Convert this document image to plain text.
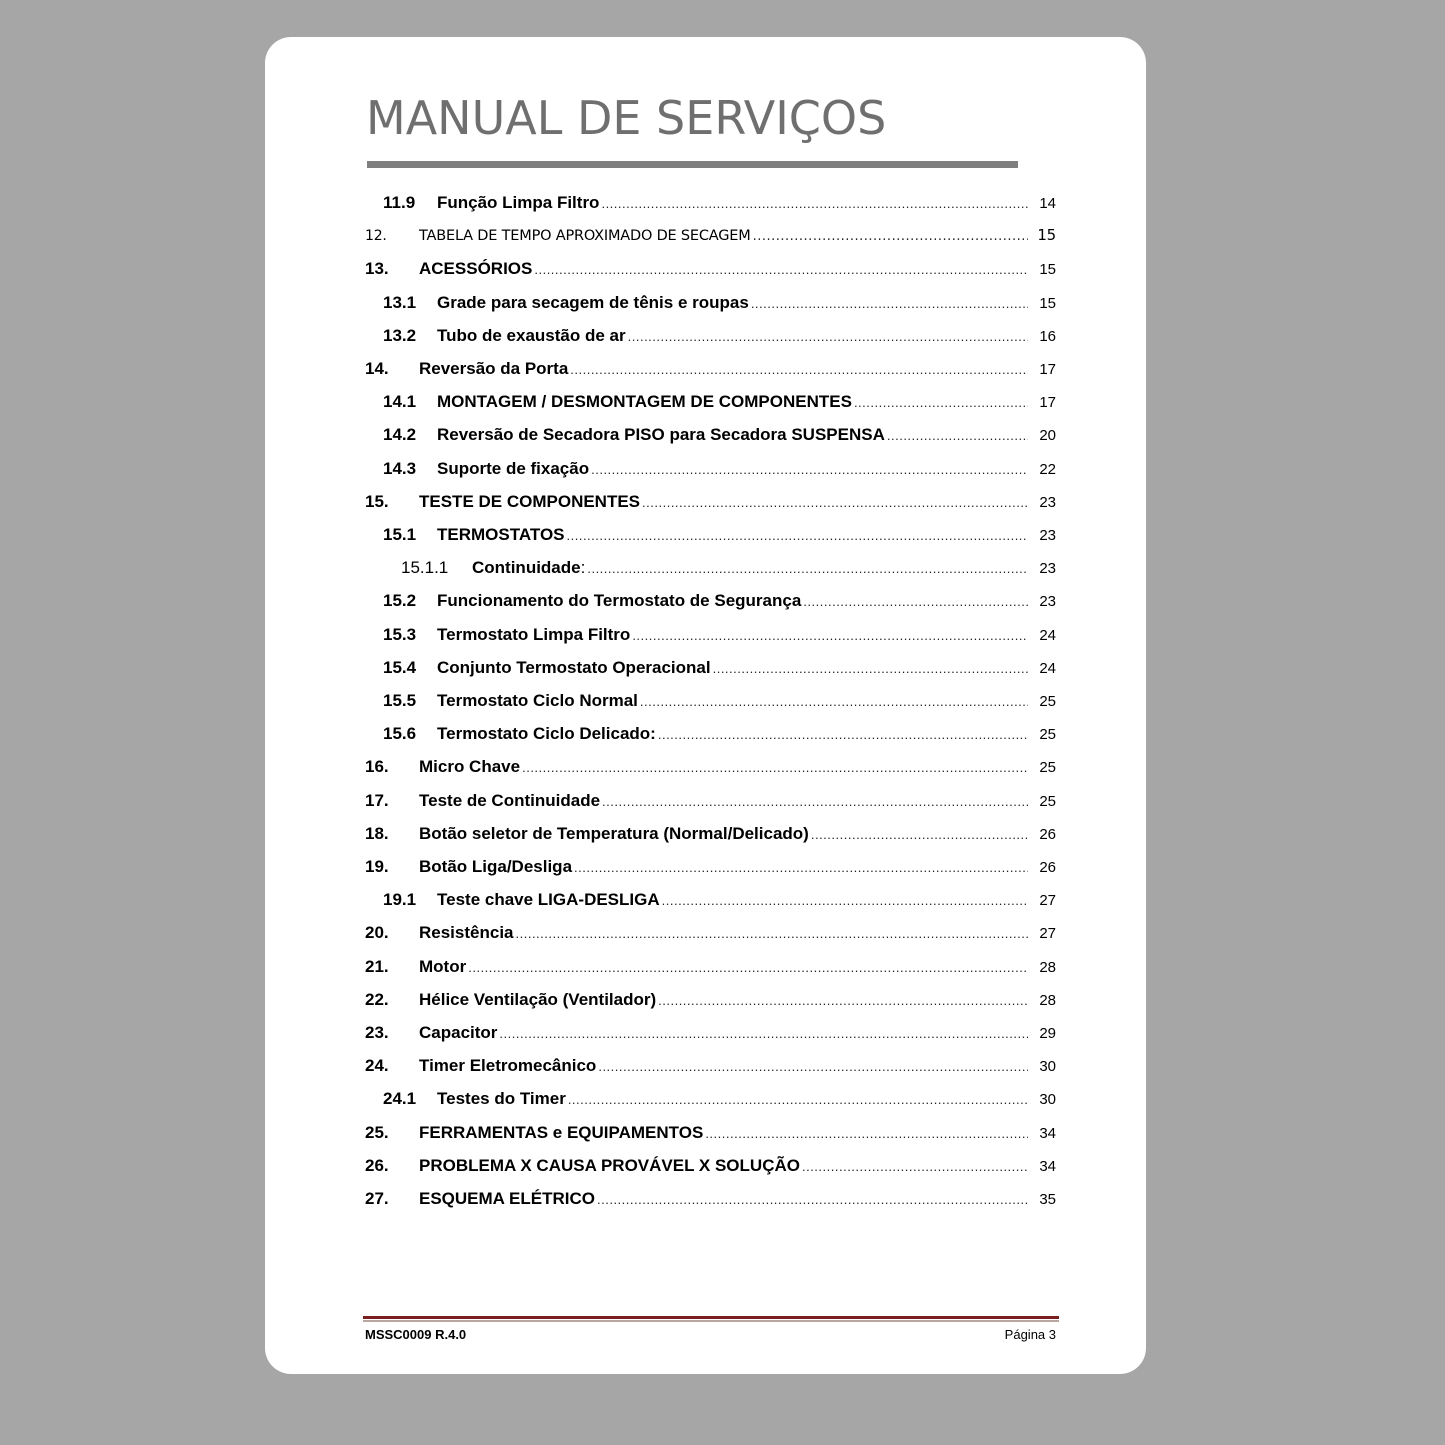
MANUAL DE SERVIÇOS
11.9	Função Limpa Filtro .....	14
12.	TABELA DE TEMPO APROXIMADO DE SECAGEM .....	15
13.	ACESSÓRIOS .....	15
13.1	Grade para secagem de tênis e roupas .....	15
13.2	Tubo de exaustão de ar .....	16
14.	Reversão da Porta .....	17
14.1	MONTAGEM / DESMONTAGEM DE COMPONENTES .....	17
14.2	Reversão de Secadora PISO para Secadora SUSPENSA .....	20
14.3	Suporte de fixação .....	22
15.	TESTE DE COMPONENTES .....	23
15.1	TERMOSTATOS .....	23
15.1.1	Continuidade : .....	23
15.2	Funcionamento do Termostato de Segurança .....	23
15.3	Termostato Limpa Filtro .....	24
15.4	Conjunto Termostato Operacional .....	24
15.5	Termostato Ciclo Normal .....	25
15.6	Termostato Ciclo Delicado: .....	25
16.	Micro Chave .....	25
17.	Teste de Continuidade .....	25
18.	Botão seletor de Temperatura (Normal/Delicado) .....	26
19.	Botão Liga/Desliga .....	26
19.1	Teste chave LIGA-DESLIGA .....	27
20.	Resistência .....	27
21.	Motor .....	28
22.	Hélice Ventilação (Ventilador) .....	28
23.	Capacitor .....	29
24.	Timer Eletromecânico .....	30
24.1	Testes do Timer .....	30
25.	FERRAMENTAS e EQUIPAMENTOS .....	34
26.	PROBLEMA X CAUSA PROVÁVEL X SOLUÇÃO .....	34
27.	ESQUEMA ELÉTRICO .....	35
MSSC0009 R.4.0	Página 3
